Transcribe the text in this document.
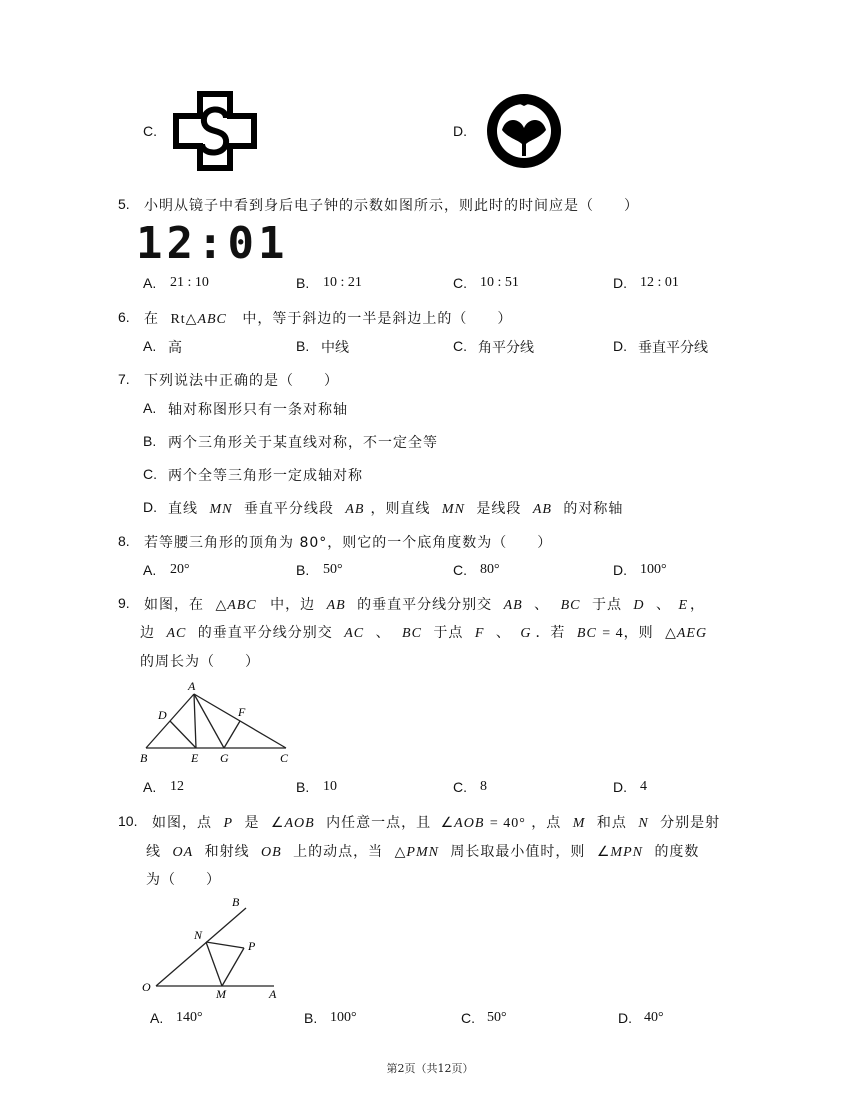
C.	D.
5. 小明从镜子中看到身后电子钟的示数如图所示，则此时的时间应是（　　）
12:01
A. 21 : 10	B. 10 : 21	C. 10 : 51	D. 12 : 01
6. 在 Rt△ABC 中，等于斜边的一半是斜边上的（　　）
A. 高	B. 中线	C. 角平分线	D. 垂直平分线
7. 下列说法中正确的是（　　）
A. 轴对称图形只有一条对称轴
B. 两个三角形关于某直线对称，不一定全等
C. 两个全等三角形一定成轴对称
D. 直线 MN 垂直平分线段 AB ，则直线 MN 是线段 AB 的对称轴
8. 若等腰三角形的顶角为 80°，则它的一个底角度数为（　　）
A. 20°	B. 50°	C. 80°	D. 100°
9. 如图，在 △ABC 中，边 AB 的垂直平分线分别交 AB 、 BC 于点 D 、 E ，
边 AC 的垂直平分线分别交 AC 、 BC 于点 F 、 G ．若 BC = 4，则 △AEG
的周长为（　　）
A
B	C
D
E
F
G
A. 12	B. 10	C. 8	D. 4
10. 如图，点 P 是 ∠AOB 内任意一点，且 ∠AOB = 40° ，点 M 和点 N 分别是射
线 OA 和射线 OB 上的动点，当 △PMN 周长取最小值时，则 ∠MPN 的度数
为（　　）
B
N
P
O	M	A
A. 140°	B. 100°	C. 50°	D. 40°
第2页（共12页）
